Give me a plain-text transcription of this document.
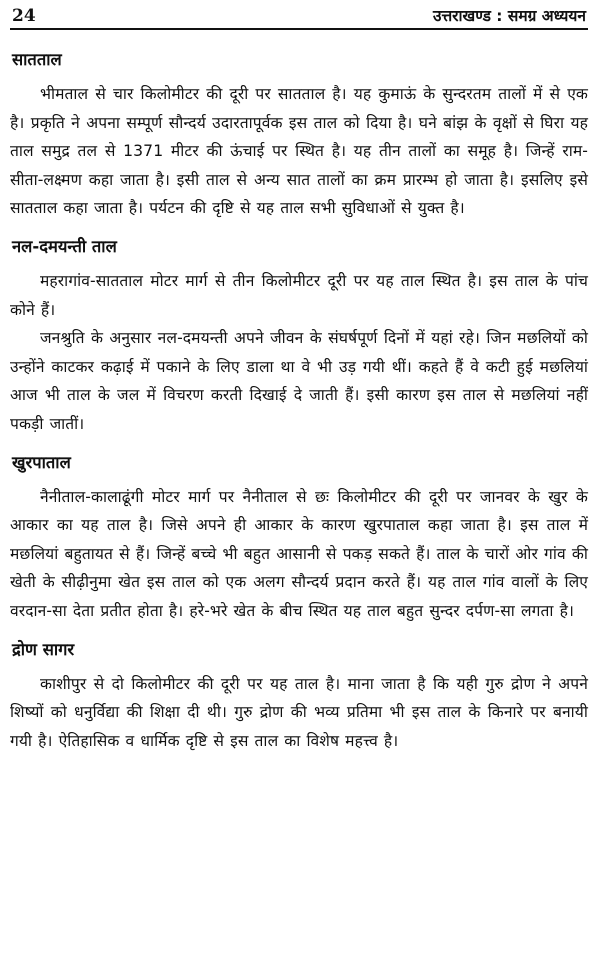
24	उत्तराखण्ड : समग्र अध्ययन
सातताल

भीमताल से चार किलोमीटर की दूरी पर सातताल है। यह कुमाऊं के सुन्दरतम तालों में से एक है। प्रकृति ने अपना सम्पूर्ण सौन्दर्य उदारतापूर्वक इस ताल को दिया है। घने बांझ के वृक्षों से घिरा यह ताल समुद्र तल से 1371 मीटर की ऊंचाई पर स्थित है। यह तीन तालों का समूह है। जिन्हें राम-सीता-लक्ष्मण कहा जाता है। इसी ताल से अन्य सात तालों का क्रम प्रारम्भ हो जाता है। इसलिए इसे सातताल कहा जाता है। पर्यटन की दृष्टि से यह ताल सभी सुविधाओं से युक्त है।

नल-दमयन्ती ताल

महरागांव-सातताल मोटर मार्ग से तीन किलोमीटर दूरी पर यह ताल स्थित है। इस ताल के पांच कोने हैं।

जनश्रुति के अनुसार नल-दमयन्ती अपने जीवन के संघर्षपूर्ण दिनों में यहां रहे। जिन मछलियों को उन्होंने काटकर कढ़ाई में पकाने के लिए डाला था वे भी उड़ गयी थीं। कहते हैं वे कटी हुई मछलियां आज भी ताल के जल में विचरण करती दिखाई दे जाती हैं। इसी कारण इस ताल से मछलियां नहीं पकड़ी जातीं।

खुरपाताल

नैनीताल-कालाढूंगी मोटर मार्ग पर नैनीताल से छः किलोमीटर की दूरी पर जानवर के खुर के आकार का यह ताल है। जिसे अपने ही आकार के कारण खुरपाताल कहा जाता है। इस ताल में मछलियां बहुतायत से हैं। जिन्हें बच्चे भी बहुत आसानी से पकड़ सकते हैं। ताल के चारों ओर गांव की खेती के सीढ़ीनुमा खेत इस ताल को एक अलग सौन्दर्य प्रदान करते हैं। यह ताल गांव वालों के लिए वरदान-सा देता प्रतीत होता है। हरे-भरे खेत के बीच स्थित यह ताल बहुत सुन्दर दर्पण-सा लगता है।

द्रोण सागर

काशीपुर से दो किलोमीटर की दूरी पर यह ताल है। माना जाता है कि यही गुरु द्रोण ने अपने शिष्यों को धनुर्विद्या की शिक्षा दी थी। गुरु द्रोण की भव्य प्रतिमा भी इस ताल के किनारे पर बनायी गयी है। ऐतिहासिक व धार्मिक दृष्टि से इस ताल का विशेष महत्त्व है।
